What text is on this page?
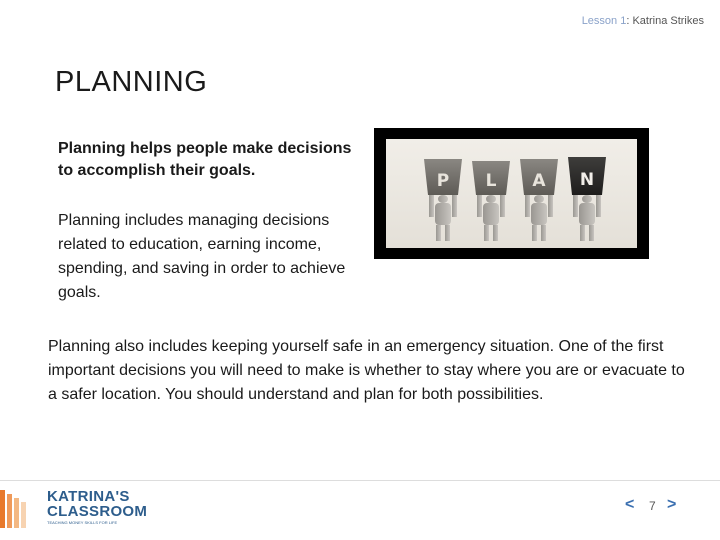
Lesson 1: Katrina Strikes
PLANNING
Planning helps people make decisions to accomplish their goals.
Planning includes managing decisions related to education, earning income, spending, and saving in order to achieve goals.
P L A N
Planning also includes keeping yourself safe in an emergency situation. One of the first important decisions you will need to make is whether to stay where you are or evacuate to a safer location. You should understand and plan for both possibilities.
KATRINA'S
CLASSROOM
TEACHING MONEY SKILLS FOR LIFE
< 7 >
